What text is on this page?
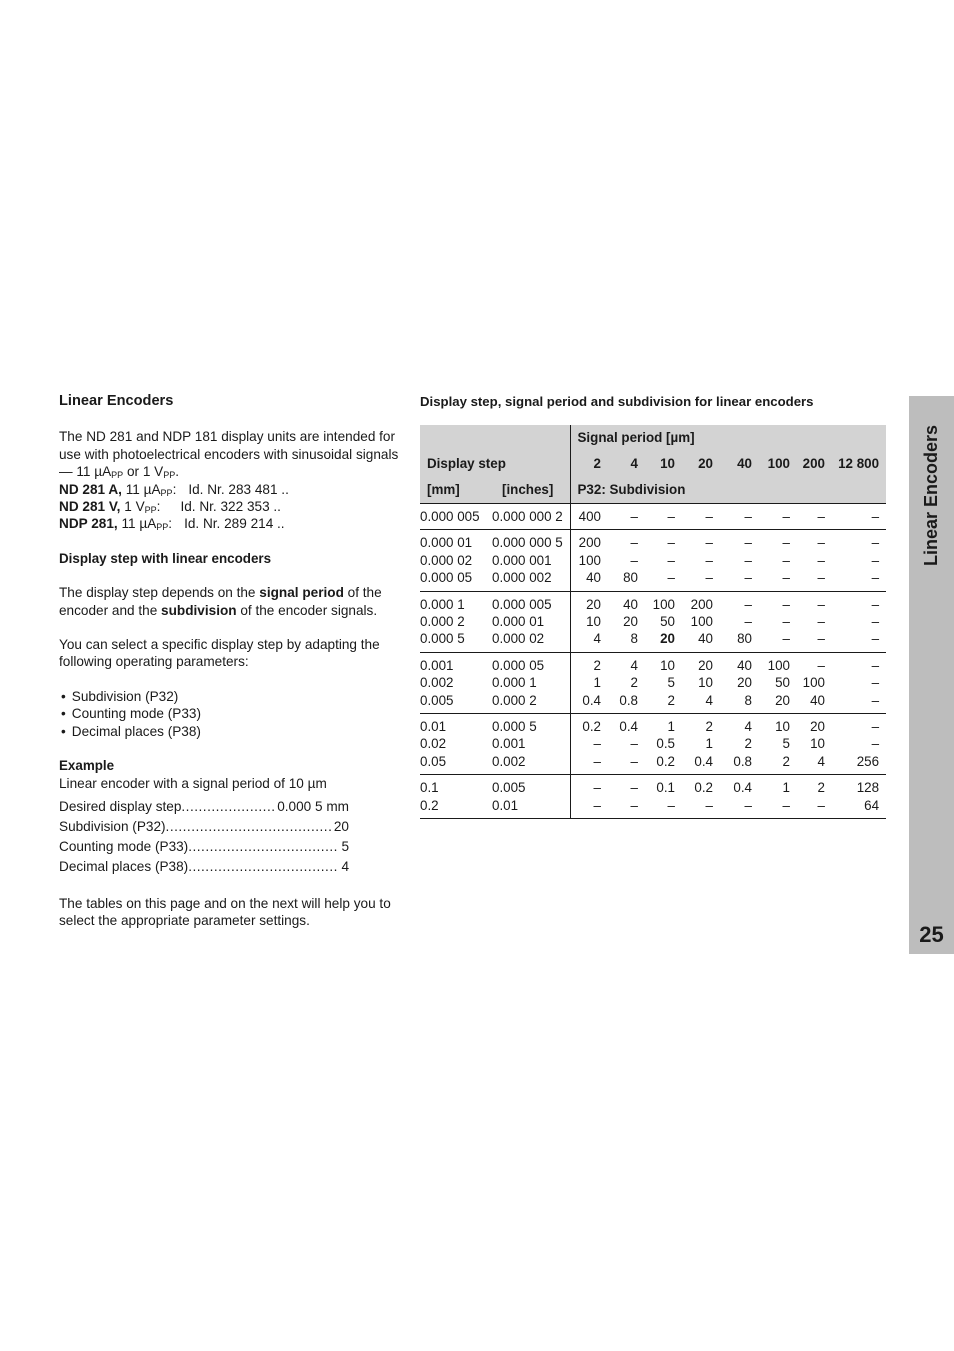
Linear Encoders

The ND 281 and NDP 181 display units are intended for use with photoelectrical encoders with sinusoidal signals — 11 µA$_{PP}$ or 1 $V_{PP}$.

ND 281 A, 11 µA$_{PP}$: Id. Nr. 283 481 ..

ND 281 V, 1 $V_{PP}$: Id. Nr. 322 353 ..

NDP 281, 11 µA$_{PP}$: Id. Nr. 289 214 ..

Display step with linear encoders

The display step depends on the signal period of the encoder and the subdivision of the encoder signals.

You can select a specific display step by adapting the following operating parameters:

• Subdivision (P32)
• Counting mode (P33)
• Decimal places (P38)
Example

Linear encoder with a signal period of 10 µm

Desired display step .....	0.000 5 mm
Subdivision (P32) .....	20
Counting mode (P33) .....	5
Decimal places (P38) .....	4

The tables on this page and on the next will help you to select the appropriate parameter settings.

Display step, signal period and subdivision for linear encoders
		Signal period [µm]							
Display step		2	4	10	20	40	100	200	12 800
[mm]	[inches]	P32: Subdivision							
0.000 005	0.000 000 2	400	–	–	–	–	–	–	–
0.000 01	0.000 000 5	200	–	–	–	–	–	–	–
0.000 02	0.000 001	100	–	–	–	–	–	–	–
0.000 05	0.000 002	40	80	–	–	–	–	–	–
0.000 1	0.000 005	20	40	100	200	–	–	–	–
0.000 2	0.000 01	10	20	50	100	–	–	–	–
0.000 5	0.000 02	4	8	20	40	80	–	–	–
0.001	0.000 05	2	4	10	20	40	100	–	–
0.002	0.000 1	1	2	5	10	20	50	100	–
0.005	0.000 2	0.4	0.8	2	4	8	20	40	–
0.01	0.000 5	0.2	0.4	1	2	4	10	20	–
0.02	0.001	–	–	0.5	1	2	5	10	–
0.05	0.002	–	–	0.2	0.4	0.8	2	4	256
0.1	0.005	–	–	0.1	0.2	0.4	1	2	128
0.2	0.01	–	–	–	–	–	–	–	64
Linear Encoders
25
